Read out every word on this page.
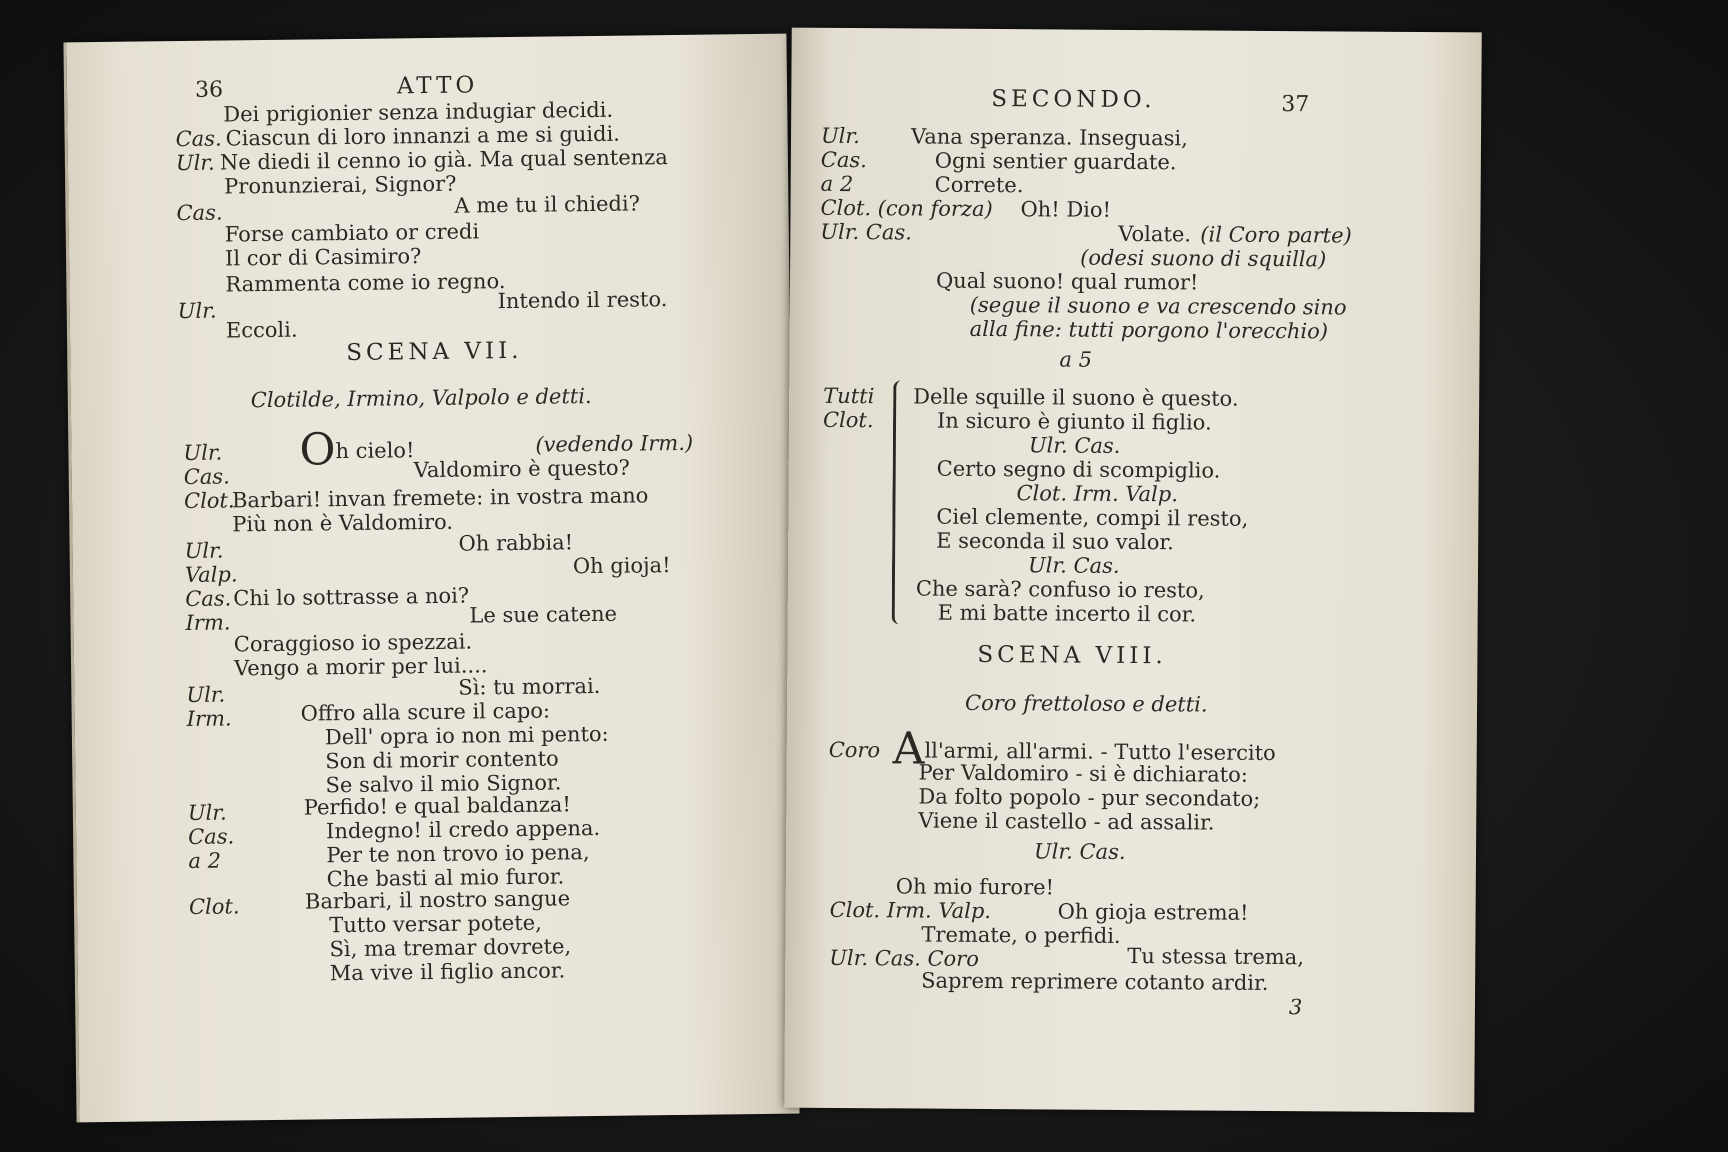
36	ATTO
Dei prigionier senza indugiar decidi.
Cas. Ciascun di loro innanzi a me si guidi.
Ulr. Ne diedi il cenno io già. Ma qual sentenza
Pronunzierai, Signor?
Cas.	A me tu il chiedi?
Forse cambiato or credi
Il cor di Casimiro?
Rammenta come io regno.
Ulr.	Intendo il resto.
Eccoli.
SCENA VII.
Clotilde, Irmino, Valpolo e detti.
Ulr. Oh cielo!	(vedendo Irm.)
Cas.	Valdomiro è questo?
Clot.
Barbari! invan fremete: in vostra mano
Più non è Valdomiro.
Ulr.	Oh rabbia!
Valp.	Oh gioja!
Cas. Chi lo sottrasse a noi?
Irm.	Le sue catene
Coraggioso io spezzai.
Vengo a morir per lui....
Ulr.	Sì: tu morrai.
Irm.	Offro alla scure il capo:
Dell' opra io non mi pento:
Son di morir contento
Se salvo il mio Signor.
Ulr.	Perfido! e qual baldanza!
Cas.	Indegno! il credo appena.
a 2	Per te non trovo io pena,
Che basti al mio furor.
Clot.	Barbari, il nostro sangue
Tutto versar potete,
Sì, ma tremar dovrete,
Ma vive il figlio ancor.
SECONDO.	37
Ulr. Vana speranza. Inseguasi,
Cas.	Ogni sentier guardate.
a 2	Correte.
Clot. (con forza) Oh! Dio!
Ulr. Cas.	Volate. (il Coro parte)
(odesi suono di squilla)
Qual suono! qual rumor!
(segue il suono e va crescendo sino
alla fine: tutti porgono l'orecchio)
a 5
Tutti
Clot.
Delle squille il suono è questo.
In sicuro è giunto il figlio.
Ulr. Cas.
Certo segno di scompiglio.
Clot. Irm. Valp.
Ciel clemente, compi il resto,
E seconda il suo valor.
Ulr. Cas.
Che sarà? confuso io resto,
E mi batte incerto il cor.
SCENA VIII.
Coro frettoloso e detti.
Coro All'armi, all'armi. - Tutto l'esercito
Per Valdomiro - si è dichiarato:
Da folto popolo - pur secondato;
Viene il castello - ad assalir.
Ulr. Cas.
Oh mio furore!
Clot. Irm. Valp.	Oh gioja estrema!
Tremate, o perfidi.
Ulr. Cas. Coro	Tu stessa trema,
Saprem reprimere cotanto ardir.
3
